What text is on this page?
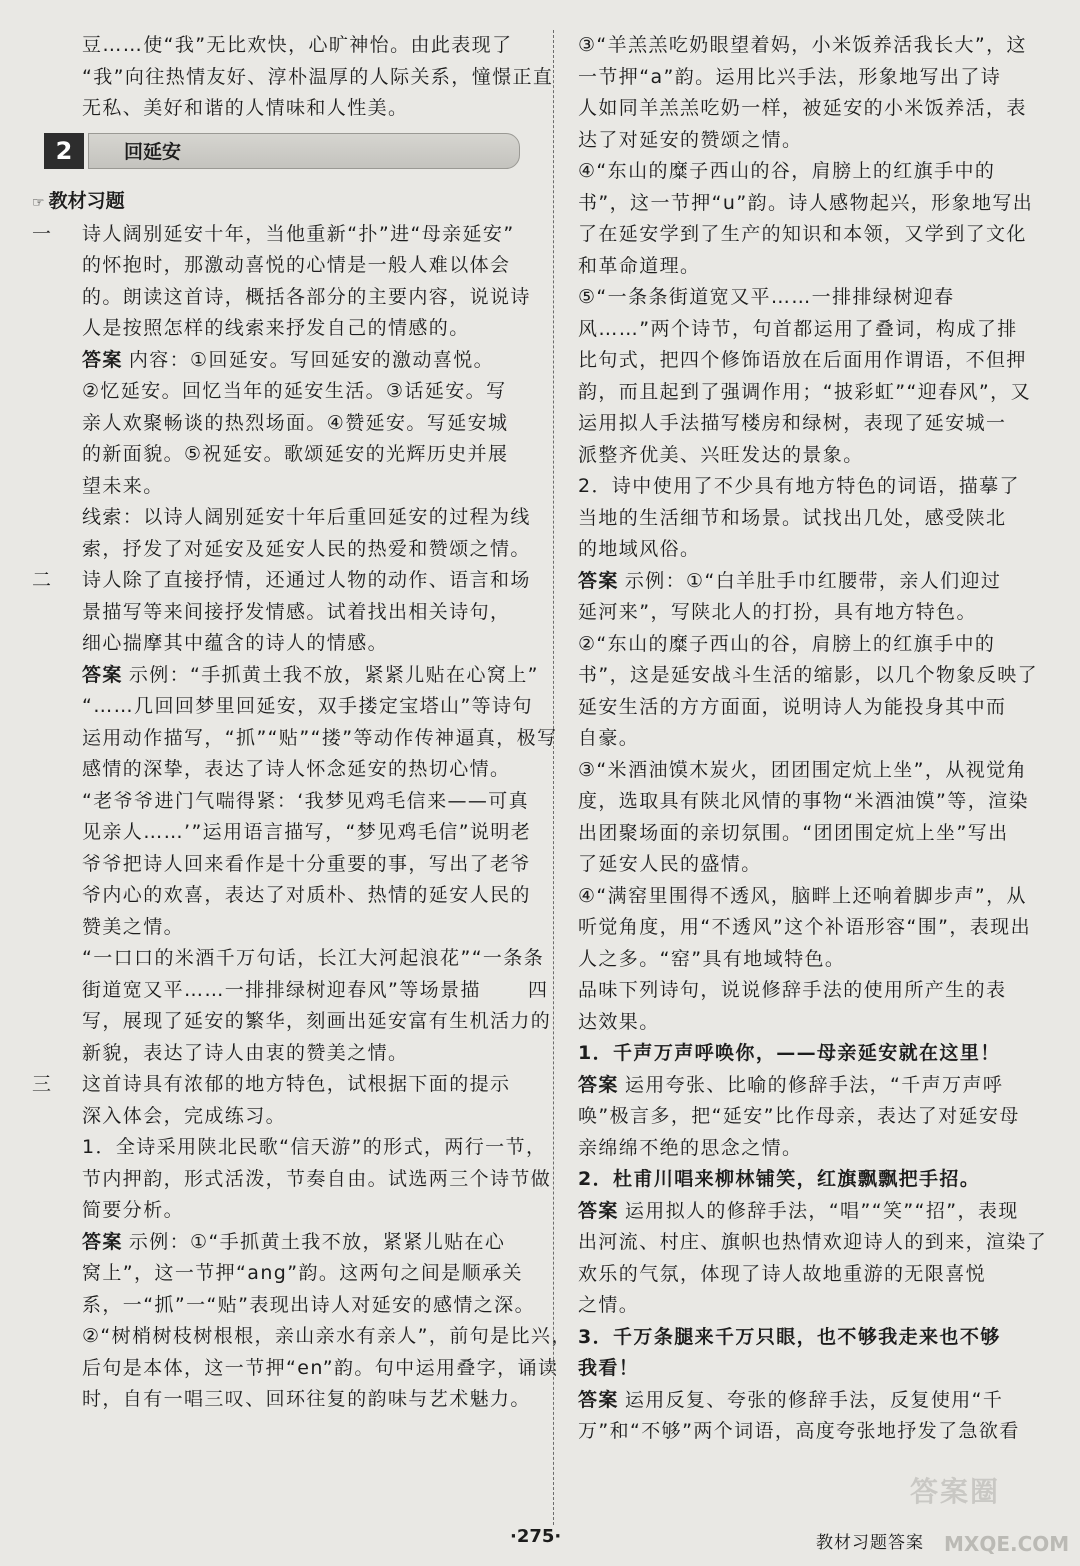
豆……使“我”无比欢快，心旷神怡。由此表现了
“我”向往热情友好、淳朴温厚的人际关系，憧憬正直
无私、美好和谐的人情味和人性美。
2	回延安
☞ 教材习题
一 诗人阔别延安十年，当他重新“扑”进“母亲延安”
的怀抱时，那激动喜悦的心情是一般人难以体会
的。朗读这首诗，概括各部分的主要内容，说说诗
人是按照怎样的线索来抒发自己的情感的。
答案 内容：①回延安。写回延安的激动喜悦。
②忆延安。回忆当年的延安生活。③话延安。写
亲人欢聚畅谈的热烈场面。④赞延安。写延安城
的新面貌。⑤祝延安。歌颂延安的光辉历史并展
望未来。
线索：以诗人阔别延安十年后重回延安的过程为线
索，抒发了对延安及延安人民的热爱和赞颂之情。
二 诗人除了直接抒情，还通过人物的动作、语言和场
景描写等来间接抒发情感。试着找出相关诗句，
细心揣摩其中蕴含的诗人的情感。
答案 示例：“手抓黄土我不放，紧紧儿贴在心窝上”
“……几回回梦里回延安，双手搂定宝塔山”等诗句
运用动作描写，“抓”“贴”“搂”等动作传神逼真，极写
感情的深挚，表达了诗人怀念延安的热切心情。
“老爷爷进门气喘得紧：‘我梦见鸡毛信来——可真
见亲人……’”运用语言描写，“梦见鸡毛信”说明老
爷爷把诗人回来看作是十分重要的事，写出了老爷
爷内心的欢喜，表达了对质朴、热情的延安人民的
赞美之情。
“一口口的米酒千万句话，长江大河起浪花”“一条条
街道宽又平……一排排绿树迎春风”等场景描
写，展现了延安的繁华，刻画出延安富有生机活力的
新貌，表达了诗人由衷的赞美之情。
三 这首诗具有浓郁的地方特色，试根据下面的提示
深入体会，完成练习。
1．全诗采用陕北民歌“信天游”的形式，两行一节，
节内押韵，形式活泼，节奏自由。试选两三个诗节做
简要分析。
答案 示例：①“手抓黄土我不放，紧紧儿贴在心
窝上”，这一节押“ang”韵。这两句之间是顺承关
系，一“抓”一“贴”表现出诗人对延安的感情之深。
②“树梢树枝树根根，亲山亲水有亲人”，前句是比兴，
后句是本体，这一节押“en”韵。句中运用叠字，诵读
时，自有一唱三叹、回环往复的韵味与艺术魅力。
③“羊羔羔吃奶眼望着妈，小米饭养活我长大”，这
一节押“a”韵。运用比兴手法，形象地写出了诗
人如同羊羔羔吃奶一样，被延安的小米饭养活，表
达了对延安的赞颂之情。
④“东山的糜子西山的谷，肩膀上的红旗手中的
书”，这一节押“u”韵。诗人感物起兴，形象地写出
了在延安学到了生产的知识和本领，又学到了文化
和革命道理。
⑤“一条条街道宽又平……一排排绿树迎春
风……”两个诗节，句首都运用了叠词，构成了排
比句式，把四个修饰语放在后面用作谓语，不但押
韵，而且起到了强调作用；“披彩虹”“迎春风”，又
运用拟人手法描写楼房和绿树，表现了延安城一
派整齐优美、兴旺发达的景象。
2．诗中使用了不少具有地方特色的词语，描摹了
当地的生活细节和场景。试找出几处，感受陕北
的地域风俗。
答案 示例：①“白羊肚手巾红腰带，亲人们迎过
延河来”，写陕北人的打扮，具有地方特色。
②“东山的糜子西山的谷，肩膀上的红旗手中的
书”，这是延安战斗生活的缩影，以几个物象反映了
延安生活的方方面面，说明诗人为能投身其中而
自豪。
③“米酒油馍木炭火，团团围定炕上坐”，从视觉角
度，选取具有陕北风情的事物“米酒油馍”等，渲染
出团聚场面的亲切氛围。“团团围定炕上坐”写出
了延安人民的盛情。
④“满窑里围得不透风，脑畔上还响着脚步声”，从
听觉角度，用“不透风”这个补语形容“围”，表现出
人之多。“窑”具有地域特色。
四 品味下列诗句，说说修辞手法的使用所产生的表
达效果。
1．千声万声呼唤你，——母亲延安就在这里！
答案 运用夸张、比喻的修辞手法，“千声万声呼
唤”极言多，把“延安”比作母亲，表达了对延安母
亲绵绵不绝的思念之情。
2．杜甫川唱来柳林铺笑，红旗飘飘把手招。
答案 运用拟人的修辞手法，“唱”“笑”“招”，表现
出河流、村庄、旗帜也热情欢迎诗人的到来，渲染了
欢乐的气氛，体现了诗人故地重游的无限喜悦
之情。
3．千万条腿来千万只眼，也不够我走来也不够
我看！
答案 运用反复、夸张的修辞手法，反复使用“千
万”和“不够”两个词语，高度夸张地抒发了急欲看
·275·	教材习题答案
答案圈
MXQE.COM
